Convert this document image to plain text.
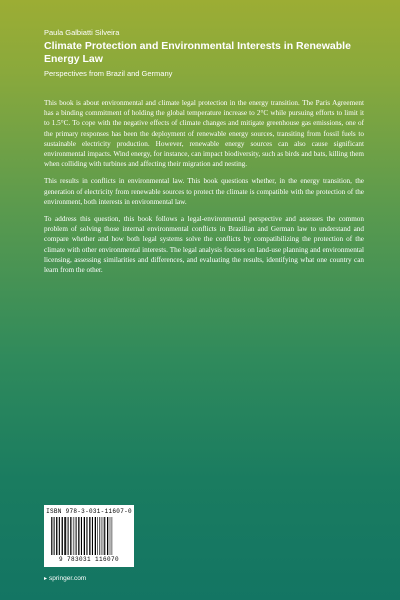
Paula Galbiatti Silveira
Climate Protection and Environmental Interests in Renewable Energy Law
Perspectives from Brazil and Germany

This book is about environmental and climate legal protection in the energy transition. The Paris Agreement has a binding commitment of holding the global temperature increase to 2°C while pursuing efforts to limit it to 1.5°C. To cope with the negative effects of climate changes and mitigate greenhouse gas emissions, one of the primary responses has been the deployment of renewable energy sources, transiting from fossil fuels to sustainable electricity production. However, renewable energy sources can also cause significant environmental impacts. Wind energy, for instance, can impact biodiversity, such as birds and bats, killing them when colliding with turbines and affecting their migration and nesting.

This results in conflicts in environmental law. This book questions whether, in the energy transition, the generation of electricity from renewable sources to protect the climate is compatible with the protection of the environment, both interests in environmental law.

To address this question, this book follows a legal-environmental perspective and assesses the common problem of solving those internal environmental conflicts in Brazilian and German law to understand and compare whether and how both legal systems solve the conflicts by compatibilizing the protection of the climate with other environmental interests. The legal analysis focuses on land-use planning and environmental licensing, assessing similarities and differences, and evaluating the results, identifying what one country can learn from the other.

ISBN 978-3-031-11607-0
9 783031 116070
▸ springer.com
